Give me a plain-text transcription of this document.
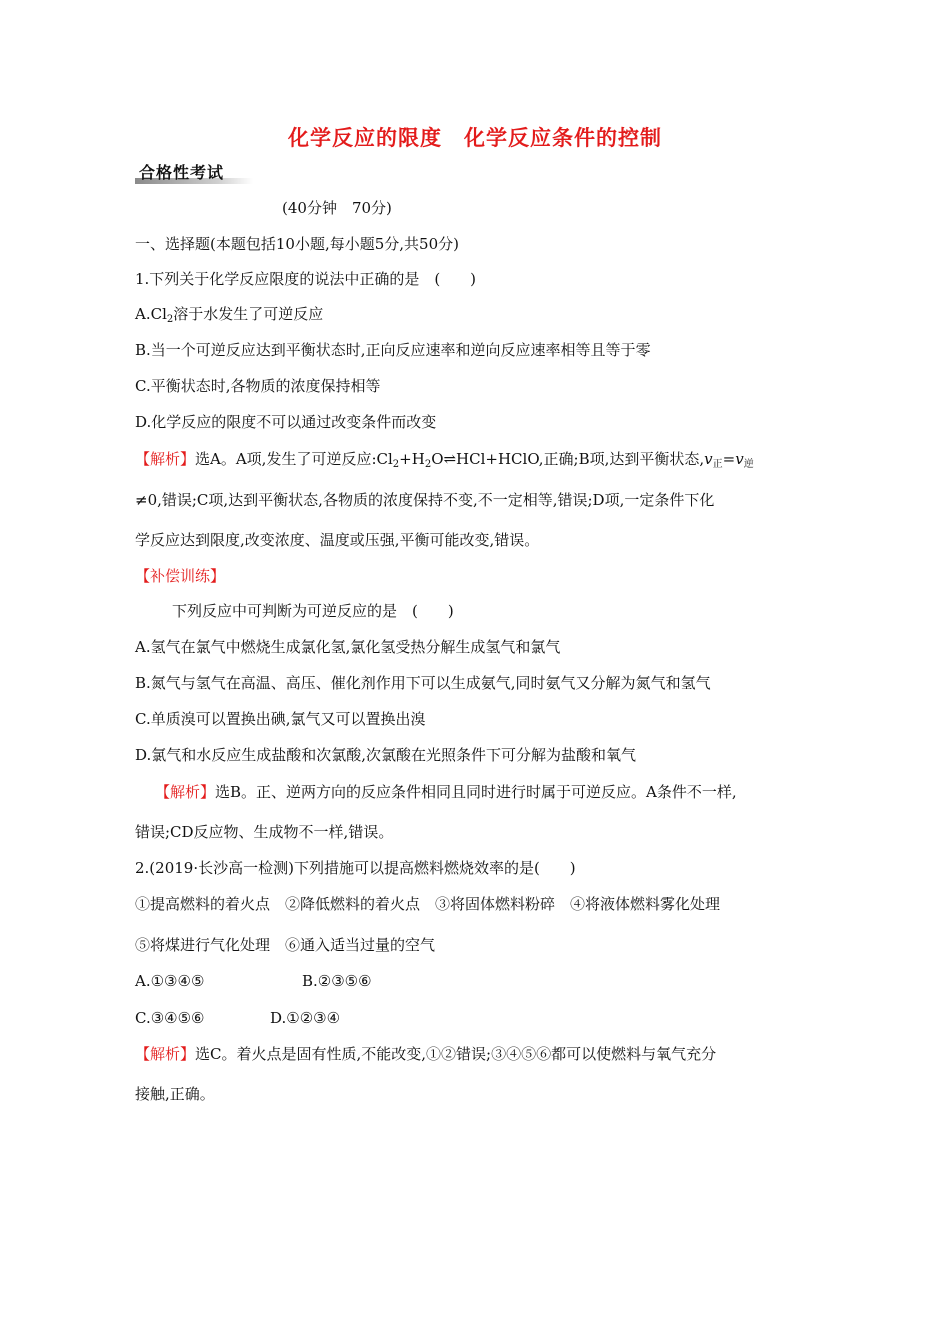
化学反应的限度　化学反应条件的控制
合格性考试
(40分钟　70分)
一、选择题(本题包括10小题,每小题5分,共50分)
1.下列关于化学反应限度的说法中正确的是　(　　)
$A.Cl_2$溶于水发生了可逆反应
B.当一个可逆反应达到平衡状态时,正向反应速率和逆向反应速率相等且等于零
C.平衡状态时,各物质的浓度保持相等
D.化学反应的限度不可以通过改变条件而改变
【解析】选A。A项,发生了可逆反应$:Cl_2+H_2O\rightleftharpoons HCl+HClO$,正确;B项,达到平衡状态$,v_正=v_逆$
≠0,错误;C项,达到平衡状态,各物质的浓度保持不变,不一定相等,错误;D项,一定条件下化
学反应达到限度,改变浓度、温度或压强,平衡可能改变,错误。
【补偿训练】
下列反应中可判断为可逆反应的是　(　　)
A.氢气在氯气中燃烧生成氯化氢,氯化氢受热分解生成氢气和氯气
B.氮气与氢气在高温、高压、催化剂作用下可以生成氨气,同时氨气又分解为氮气和氢气
C.单质溴可以置换出碘,氯气又可以置换出溴
D.氯气和水反应生成盐酸和次氯酸,次氯酸在光照条件下可分解为盐酸和氧气
【解析】选B。正、逆两方向的反应条件相同且同时进行时属于可逆反应。A条件不一样,
错误;CD反应物、生成物不一样,错误。
2.(2019·长沙高一检测)下列措施可以提高燃料燃烧效率的是(　　)
①提高燃料的着火点　②降低燃料的着火点　③将固体燃料粉碎　④将液体燃料雾化处理
⑤将煤进行气化处理　⑥通入适当过量的空气
A.①③④⑤	B.②③⑤⑥
C.③④⑤⑥	D.①②③④
【解析】选C。着火点是固有性质,不能改变,①②错误;③④⑤⑥都可以使燃料与氧气充分
接触,正确。
